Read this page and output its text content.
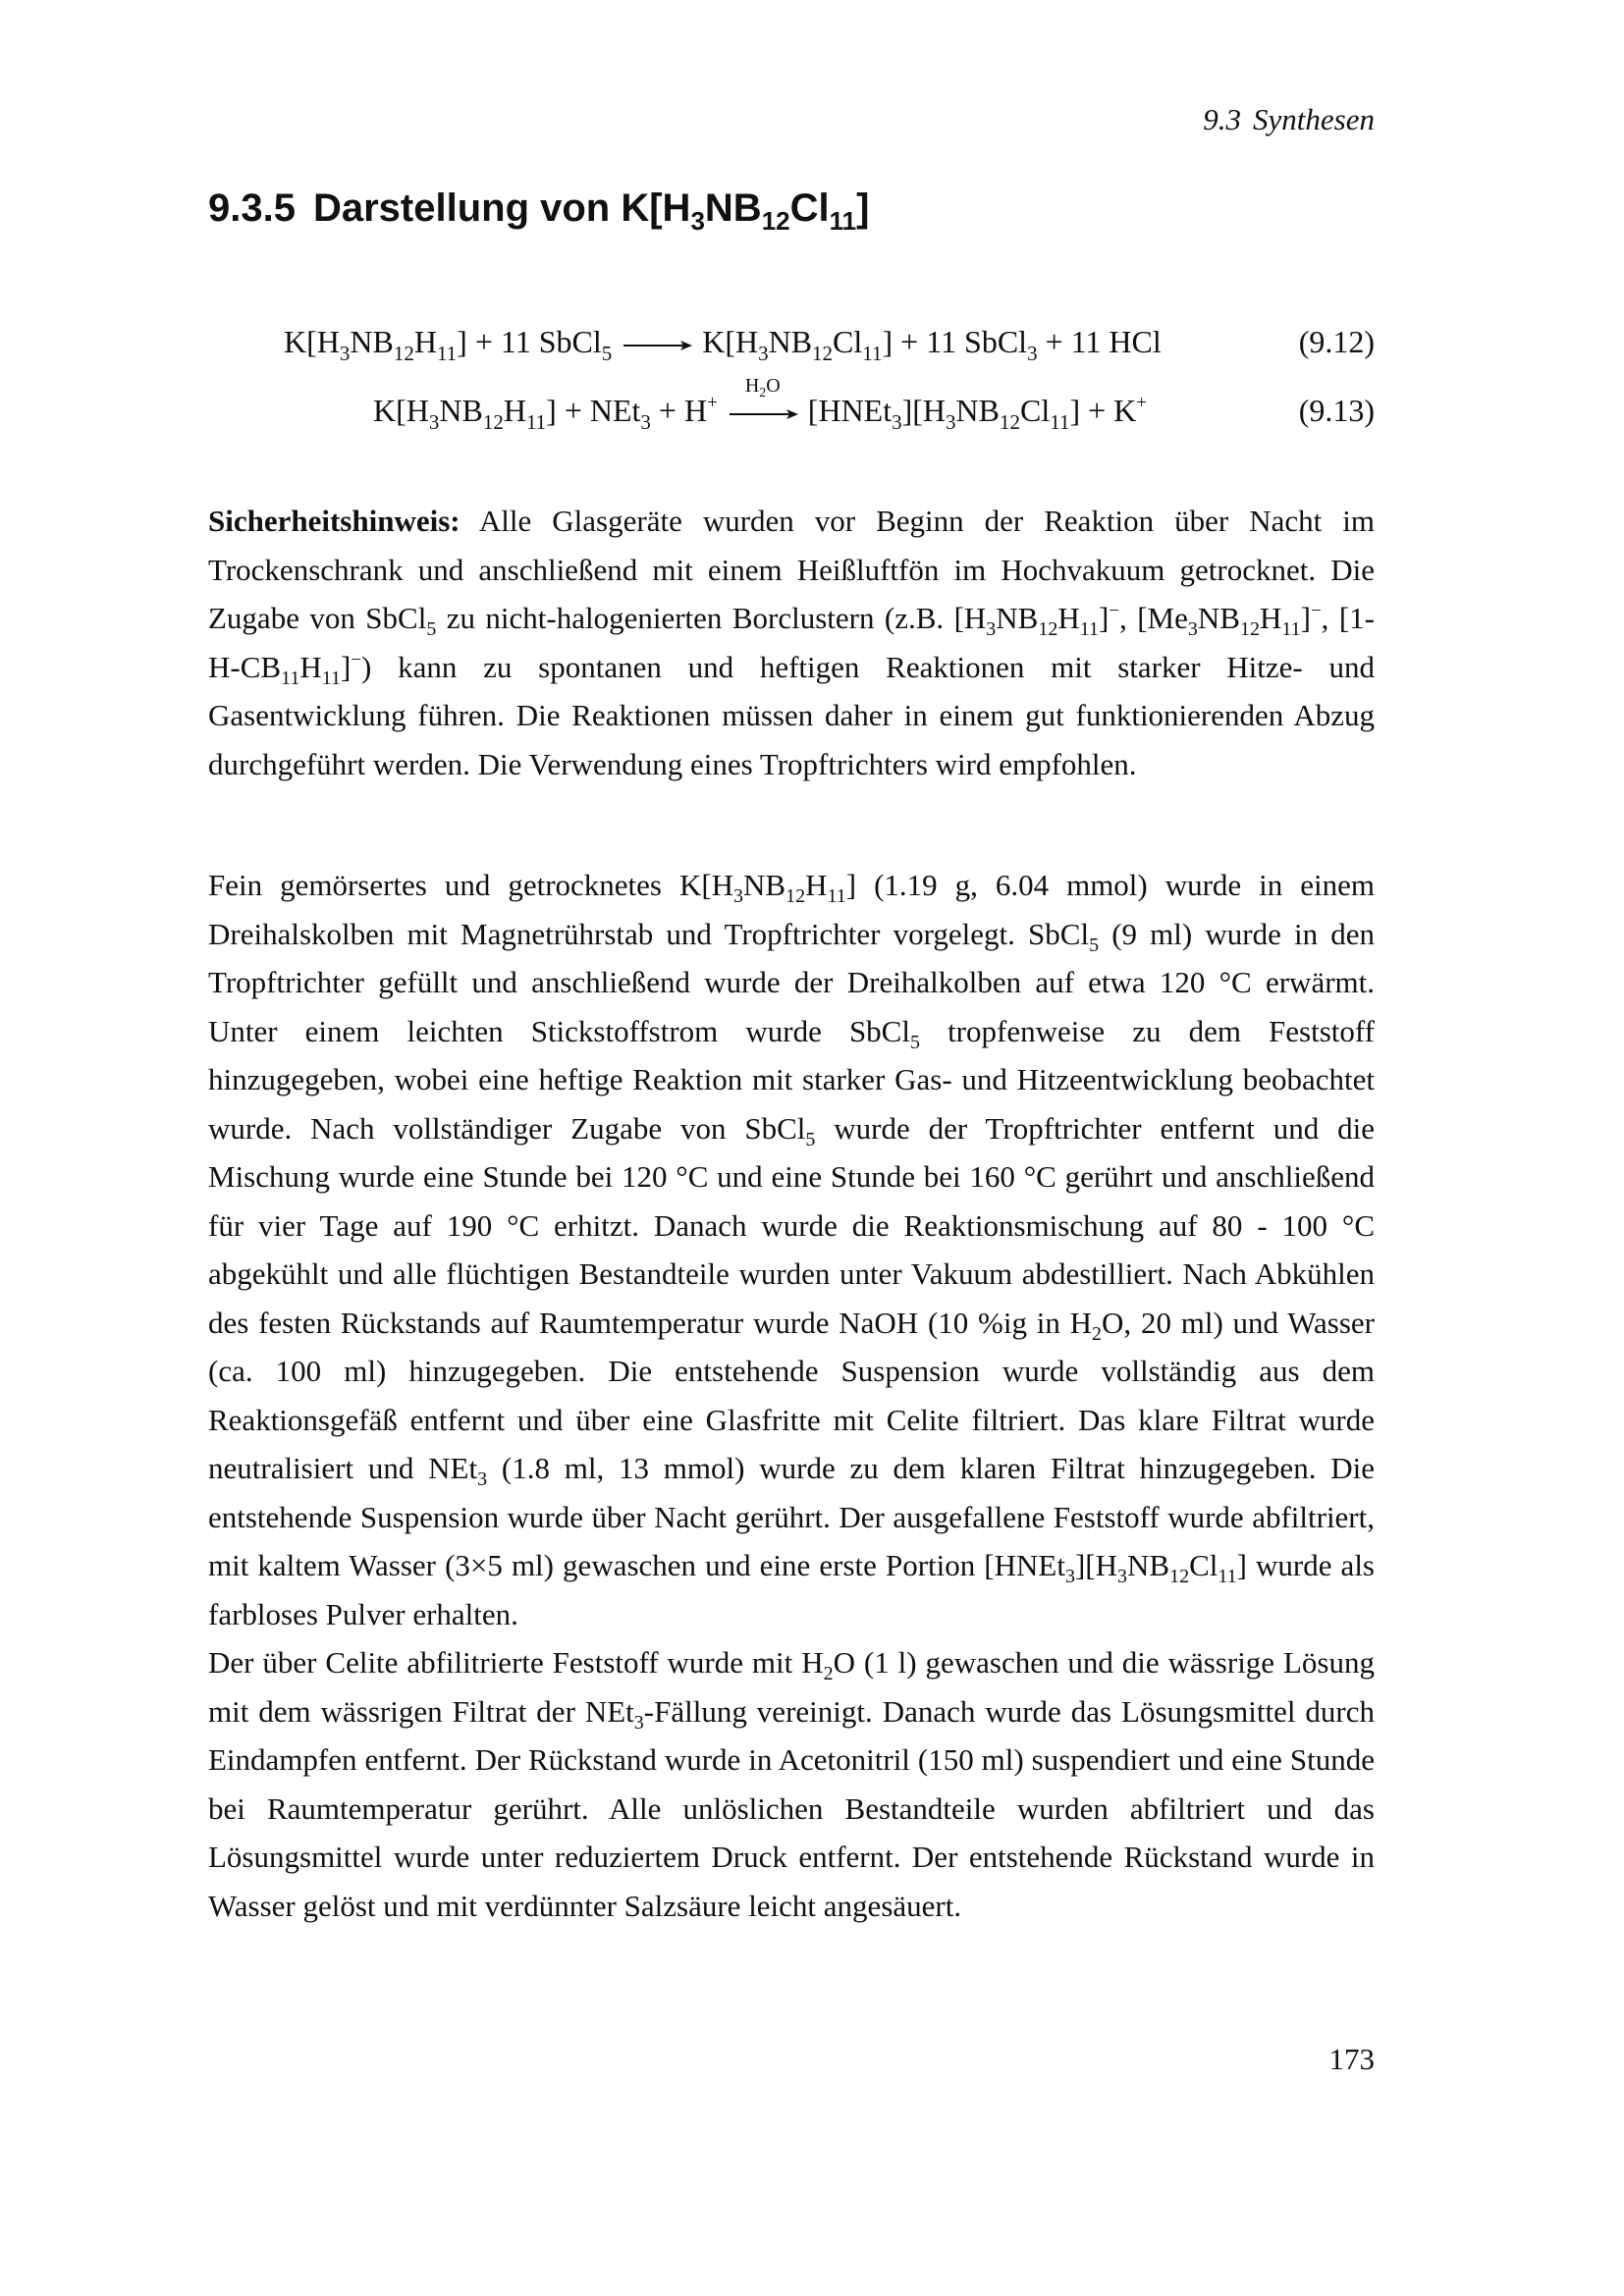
9.3 Synthesen
9.3.5 Darstellung von $K[H_3NB_{12}Cl_{11}]$
$K[H_3NB_{12}H_{11}] + 11$ SbCl$_5$ → $K[H_3NB_{12}Cl_{11}] + 11$ SbCl$_3$ + 11 HCl	(9.12)
$K[H_3NB_{12}H_{11}] + NEt_3 + H^+$
$H_2O$
$[HNEt_3][H_3NB_{12}Cl_{11}] + K^+$	(9.13)

Sicherheitshinweis: Alle Glasgeräte wurden vor Beginn der Reaktion über Nacht im Trockenschrank und anschließend mit einem Heißluftfön im Hochvakuum getrocknet. Die Zugabe von SbCl$_5$ zu nicht-halogenierten Borclustern (z.B. $[H_3NB_{12}H_{11}]^-$, $[Me_3NB_{12}H_{11}]^-$, $[1-H-CB_{11}H_{11}]^-$) kann zu spontanen und heftigen Reaktionen mit starker Hitze- und Gasentwicklung führen. Die Reaktionen müssen daher in einem gut funktionierenden Abzug durchgeführt werden. Die Verwendung eines Tropftrichters wird empfohlen.

Fein gemörsertes und getrocknetes $K[H_3NB_{12}H_{11}]$ (1.19 g, 6.04 mmol) wurde in einem Dreihalskolben mit Magnetrührstab und Tropftrichter vorgelegt. SbCl$_5$ (9 ml) wurde in den Tropftrichter gefüllt und anschließend wurde der Dreihalkolben auf etwa 120 °C erwärmt. Unter einem leichten Stickstoffstrom wurde SbCl$_5$ tropfenweise zu dem Feststoff hinzugegeben, wobei eine heftige Reaktion mit starker Gas- und Hitzeentwicklung beobachtet wurde. Nach vollständiger Zugabe von SbCl$_5$ wurde der Tropftrichter entfernt und die Mischung wurde eine Stunde bei 120 °C und eine Stunde bei 160 °C gerührt und anschließend für vier Tage auf 190 °C erhitzt. Danach wurde die Reaktionsmischung auf 80 - 100 °C abgekühlt und alle flüchtigen Bestandteile wurden unter Vakuum abdestilliert. Nach Abkühlen des festen Rückstands auf Raumtemperatur wurde NaOH (10 %ig in $H_2O$, 20 ml) und Wasser (ca. 100 ml) hinzugegeben. Die entstehende Suspension wurde vollständig aus dem Reaktionsgefäß entfernt und über eine Glasfritte mit Celite filtriert. Das klare Filtrat wurde neutralisiert und NEt$_3$ (1.8 ml, 13 mmol) wurde zu dem klaren Filtrat hinzugegeben. Die entstehende Suspension wurde über Nacht gerührt. Der ausgefallene Feststoff wurde abfiltriert, mit kaltem Wasser (3×5 ml) gewaschen und eine erste Portion $[HNEt_3][H_3NB_{12}Cl_{11}]$ wurde als farbloses Pulver erhalten.

Der über Celite abfilitrierte Feststoff wurde mit $H_2O$ (1 l) gewaschen und die wässrige Lösung mit dem wässrigen Filtrat der NEt$_3$-Fällung vereinigt. Danach wurde das Lösungsmittel durch Eindampfen entfernt. Der Rückstand wurde in Acetonitril (150 ml) suspendiert und eine Stunde bei Raumtemperatur gerührt. Alle unlöslichen Bestandteile wurden abfiltriert und das Lösungsmittel wurde unter reduziertem Druck entfernt. Der entstehende Rückstand wurde in Wasser gelöst und mit verdünnter Salzsäure leicht angesäuert.

173
